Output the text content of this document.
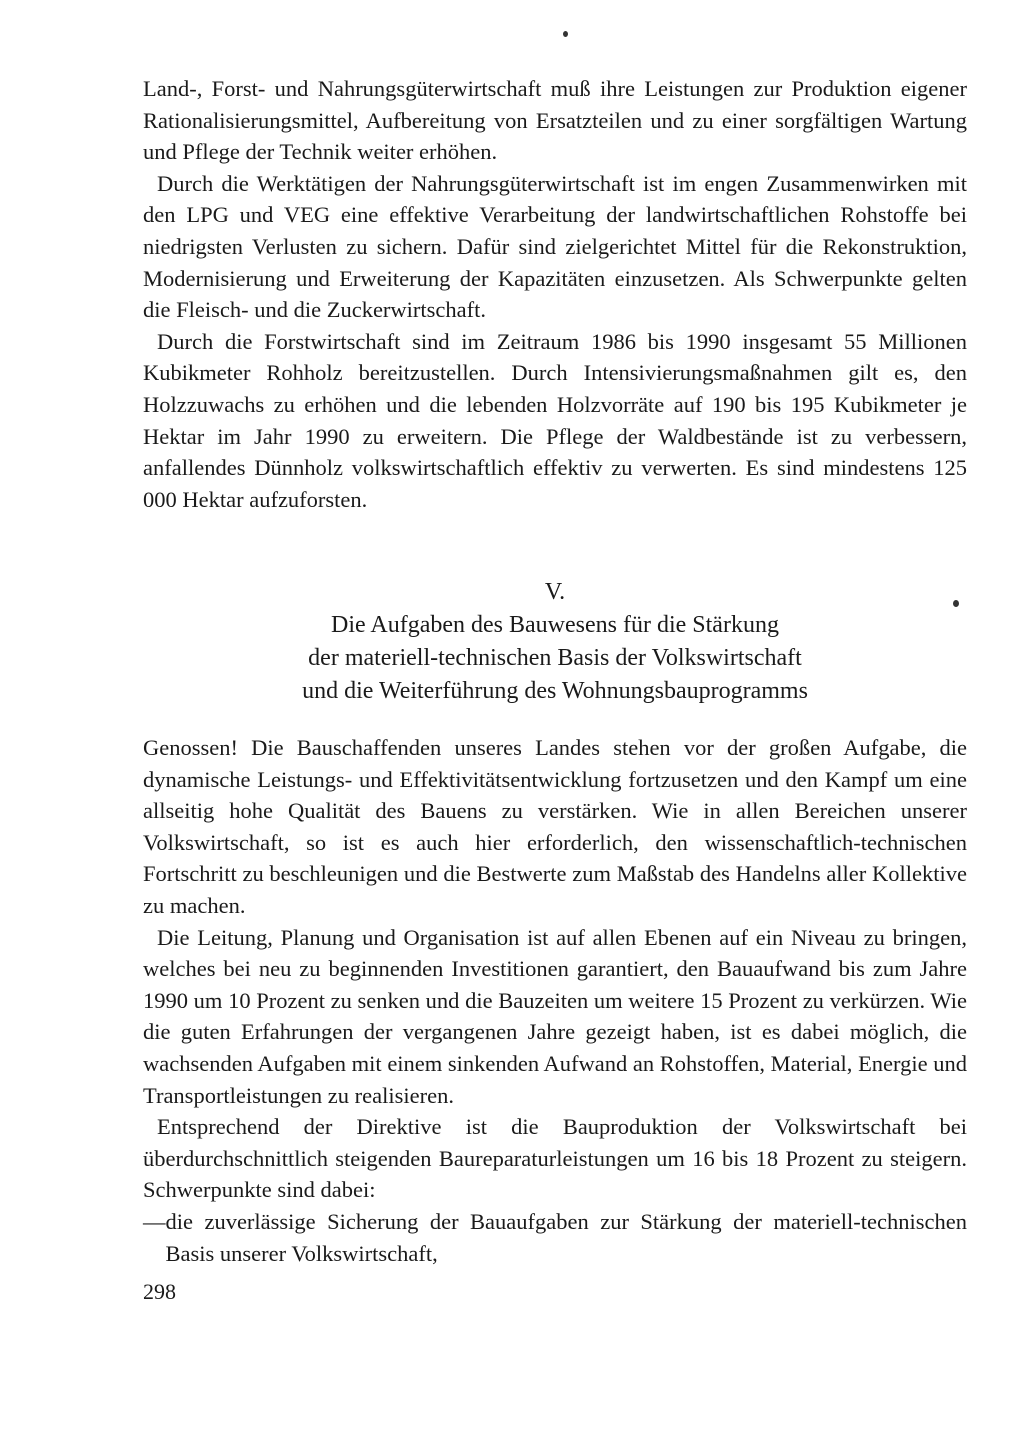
Land-, Forst- und Nahrungsgüterwirtschaft muß ihre Leistungen zur Produktion eigener Rationalisierungsmittel, Aufbereitung von Ersatzteilen und zu einer sorgfältigen Wartung und Pflege der Technik weiter erhöhen.

Durch die Werktätigen der Nahrungsgüterwirtschaft ist im engen Zusammenwirken mit den LPG und VEG eine effektive Verarbeitung der landwirtschaftlichen Rohstoffe bei niedrigsten Verlusten zu sichern. Dafür sind zielgerichtet Mittel für die Rekonstruktion, Modernisierung und Erweiterung der Kapazitäten einzusetzen. Als Schwerpunkte gelten die Fleisch- und die Zuckerwirtschaft.

Durch die Forstwirtschaft sind im Zeitraum 1986 bis 1990 insgesamt 55 Millionen Kubikmeter Rohholz bereitzustellen. Durch Intensivierungsmaßnahmen gilt es, den Holzzuwachs zu erhöhen und die lebenden Holzvorräte auf 190 bis 195 Kubikmeter je Hektar im Jahr 1990 zu erweitern. Die Pflege der Waldbestände ist zu verbessern, anfallendes Dünnholz volkswirtschaftlich effektiv zu verwerten. Es sind mindestens 125 000 Hektar aufzuforsten.

V.
Die Aufgaben des Bauwesens für die Stärkung
der materiell-technischen Basis der Volkswirtschaft
und die Weiterführung des Wohnungsbauprogramms

Genossen! Die Bauschaffenden unseres Landes stehen vor der großen Aufgabe, die dynamische Leistungs- und Effektivitätsentwicklung fortzusetzen und den Kampf um eine allseitig hohe Qualität des Bauens zu verstärken. Wie in allen Bereichen unserer Volkswirtschaft, so ist es auch hier erforderlich, den wissenschaftlich-technischen Fortschritt zu beschleunigen und die Bestwerte zum Maßstab des Handelns aller Kollektive zu machen.

Die Leitung, Planung und Organisation ist auf allen Ebenen auf ein Niveau zu bringen, welches bei neu zu beginnenden Investitionen garantiert, den Bauaufwand bis zum Jahre 1990 um 10 Prozent zu senken und die Bauzeiten um weitere 15 Prozent zu verkürzen. Wie die guten Erfahrungen der vergangenen Jahre gezeigt haben, ist es dabei möglich, die wachsenden Aufgaben mit einem sinkenden Aufwand an Rohstoffen, Material, Energie und Transportleistungen zu realisieren.

Entsprechend der Direktive ist die Bauproduktion der Volkswirtschaft bei überdurchschnittlich steigenden Baureparaturleistungen um 16 bis 18 Prozent zu steigern. Schwerpunkte sind dabei:

— die zuverlässige Sicherung der Bauaufgaben zur Stärkung der materiell-technischen Basis unserer Volkswirtschaft,
298
